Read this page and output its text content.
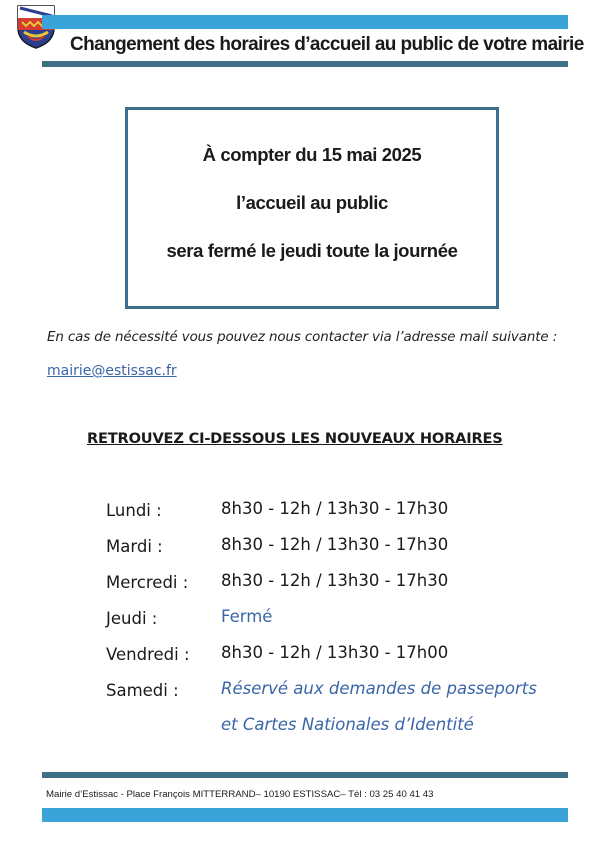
Changement des horaires d’accueil au public de votre mairie
À compter du 15 mai 2025
l’accueil au public
sera fermé le jeudi toute la journée
En cas de nécessité vous pouvez nous contacter via l’adresse mail suivante :
mairie@estissac.fr
RETROUVEZ CI-DESSOUS LES NOUVEAUX HORAIRES
Lundi :	8h30 - 12h / 13h30 - 17h30
Mardi :	8h30 - 12h / 13h30 - 17h30
Mercredi : 8h30 - 12h / 13h30 - 17h30
Jeudi :	Fermé
Vendredi : 8h30 - 12h / 13h30 - 17h00
Samedi :	Réservé aux demandes de passeports
et Cartes Nationales d’Identité
Mairie d’Estissac - Place François MITTERRAND– 10190 ESTISSAC– Tél : 03 25 40 41 43
